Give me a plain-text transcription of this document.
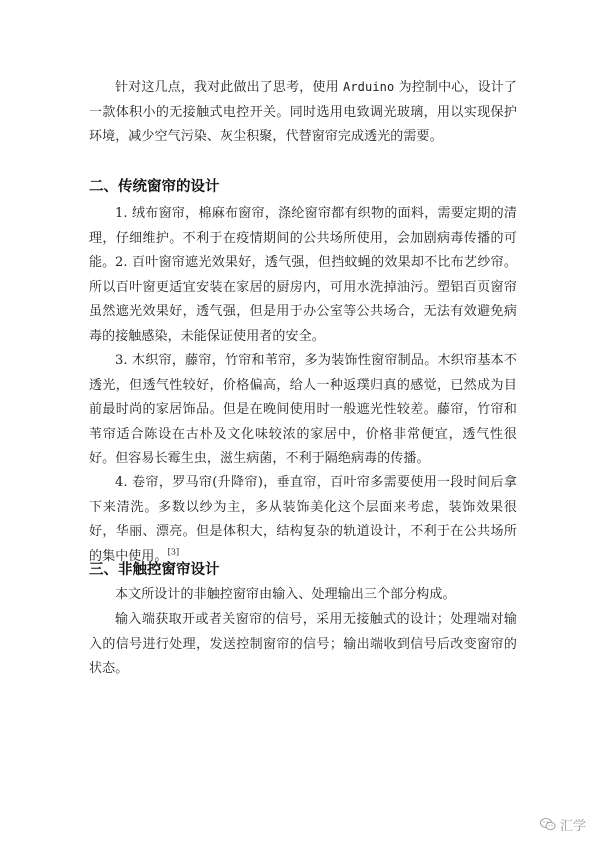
针对这几点，我对此做出了思考，使用 Arduino 为控制中心，设计了一款体积小的无接触式电控开关。同时选用电致调光玻璃，用以实现保护环境，减少空气污染、灰尘积聚，代替窗帘完成透光的需要。

二、传统窗帘的设计

1. 绒布窗帘，棉麻布窗帘，涤纶窗帘都有织物的面料，需要定期的清理，仔细维护。不利于在疫情期间的公共场所使用，会加剧病毒传播的可能。 2. 百叶窗帘遮光效果好，透气强，但挡蚊蝇的效果却不比布艺纱帘。所以百叶窗更适宜安装在家居的厨房内，可用水洗掉油污。塑铝百页窗帘虽然遮光效果好，透气强，但是用于办公室等公共场合，无法有效避免病毒的接触感染，未能保证使用者的安全。

3. 木织帘，藤帘，竹帘和苇帘，多为装饰性窗帘制品。木织帘基本不透光，但透气性较好，价格偏高，给人一种返璞归真的感觉，已然成为目前最时尚的家居饰品。但是在晚间使用时一般遮光性较差。藤帘，竹帘和苇帘适合陈设在古朴及文化味较浓的家居中，价格非常便宜，透气性很好。但容易长霉生虫，滋生病菌，不利于隔绝病毒的传播。

4. 卷帘，罗马帘(升降帘)，垂直帘，百叶帘多需要使用一段时间后拿下来清洗。多数以纱为主，多从装饰美化这个层面来考虑，装饰效果很好，华丽、漂亮。但是体积大，结构复杂的轨道设计，不利于在公共场所的集中使用。[3]

三、非触控窗帘设计

本文所设计的非触控窗帘由输入、处理输出三个部分构成。

输入端获取开或者关窗帘的信号，采用无接触式的设计；处理端对输入的信号进行处理，发送控制窗帘的信号；输出端收到信号后改变窗帘的状态。

汇学
